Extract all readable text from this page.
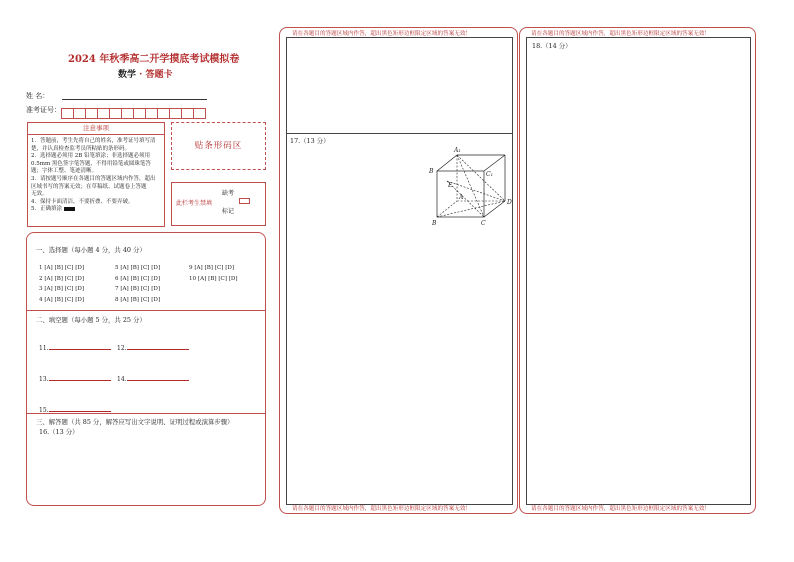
2024 年秋季高二开学摸底考试模拟卷
数学 · 答题卡
姓 名：
准考证号：
注意事项
1．答题前，考生先将自己的姓名，准考证号填写清
楚，并认真检查监考员所粘贴的条形码。
2．选择题必须用 2B 铅笔填涂；非选择题必须用
0.5mm 黑色签字笔答题，不得用铅笔或圆珠笔答
题；字体工整、笔迹清晰。
3．请按题号顺序在各题目的答题区域内作答，超出
区域书写的答案无效；在草稿纸、试题卷上答题
无效。
4．保持卡面清洁，不要折叠、不要弄破。
5．正确填涂
贴条形码区
此栏考生禁填
缺考
标记
一、选择题（每小题 4 分，共 40 分）
1 [A] [B] [C] [D]
2 [A] [B] [C] [D]
3 [A] [B] [C] [D]
4 [A] [B] [C] [D]
5 [A] [B] [C] [D]
6 [A] [B] [C] [D]
7 [A] [B] [C] [D]
8 [A] [B] [C] [D]
9 [A] [B] [C] [D]
10 [A] [B] [C] [D]
二、填空题（每小题 5 分，共 25 分）
11.	12.
13.	14.
15.
三、解答题（共 85 分，解答应写出文字说明、证明过程或演算步骤）
16.（13 分）
请在各题目的答题区域内作答，超出黑色矩形边框限定区域的答案无效！
17.（13 分）
A₁
B	C₁
E
A
D
B	C
请在各题目的答题区域内作答，超出黑色矩形边框限定区域的答案无效！
请在各题目的答题区域内作答，超出黑色矩形边框限定区域的答案无效！
18.（14 分）
请在各题目的答题区域内作答，超出黑色矩形边框限定区域的答案无效！
